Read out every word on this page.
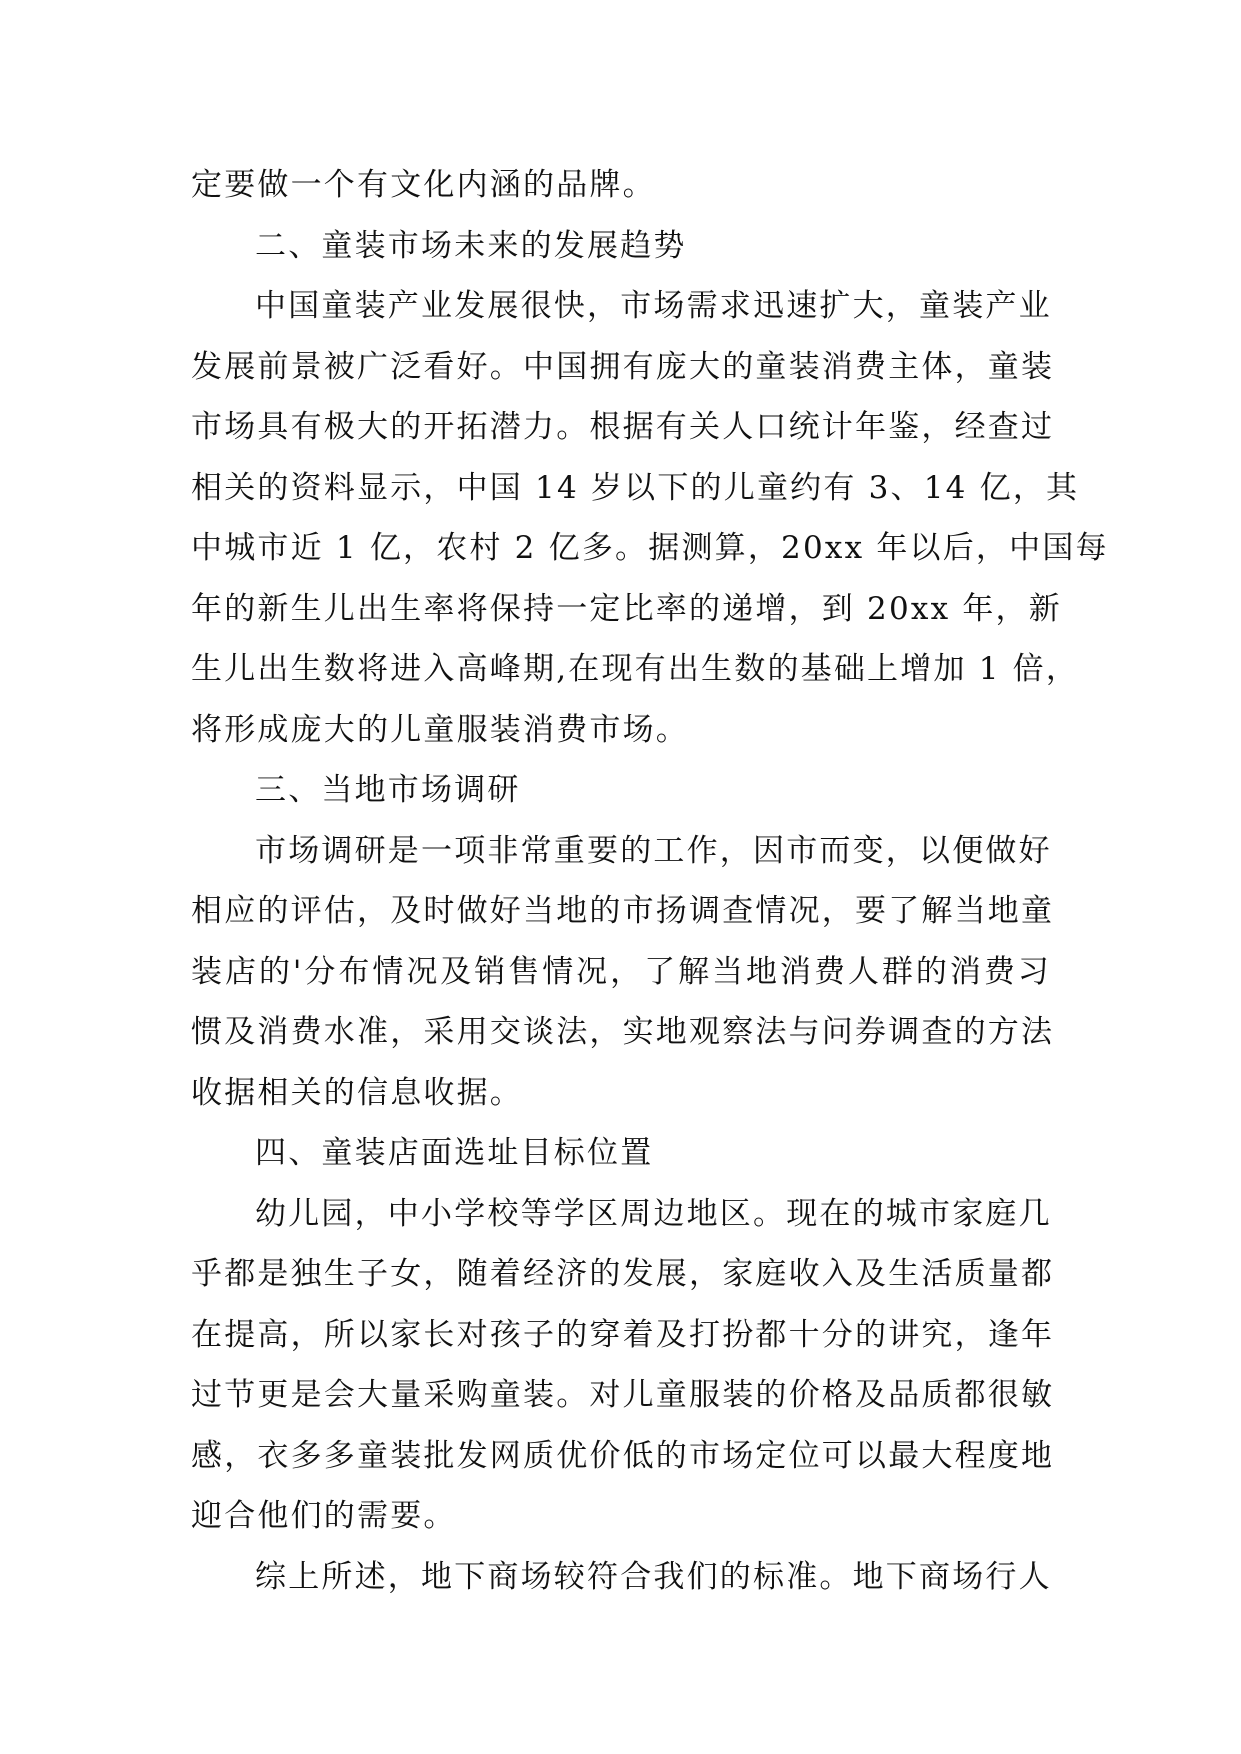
定要做一个有文化内涵的品牌。
二、童装市场未来的发展趋势
中国童装产业发展很快，市场需求迅速扩大，童装产业
发展前景被广泛看好。中国拥有庞大的童装消费主体，童装
市场具有极大的开拓潜力。根据有关人口统计年鉴，经查过
相关的资料显示，中国 14 岁以下的儿童约有 3、14 亿，其
中城市近 1 亿，农村 2 亿多。据测算，20xx 年以后，中国每
年的新生儿出生率将保持一定比率的递增，到 20xx 年，新
生儿出生数将进入高峰期,在现有出生数的基础上增加 1 倍，
将形成庞大的儿童服装消费市场。
三、当地市场调研
市场调研是一项非常重要的工作，因市而变，以便做好
相应的评估，及时做好当地的市扬调查情况，要了解当地童
装店的'分布情况及销售情况，了解当地消费人群的消费习
惯及消费水准，采用交谈法，实地观察法与问券调查的方法
收据相关的信息收据。
四、童装店面选址目标位置
幼儿园，中小学校等学区周边地区。现在的城市家庭几
乎都是独生子女，随着经济的发展，家庭收入及生活质量都
在提高，所以家长对孩子的穿着及打扮都十分的讲究，逢年
过节更是会大量采购童装。对儿童服装的价格及品质都很敏
感，衣多多童装批发网质优价低的市场定位可以最大程度地
迎合他们的需要。
综上所述，地下商场较符合我们的标准。地下商场行人
